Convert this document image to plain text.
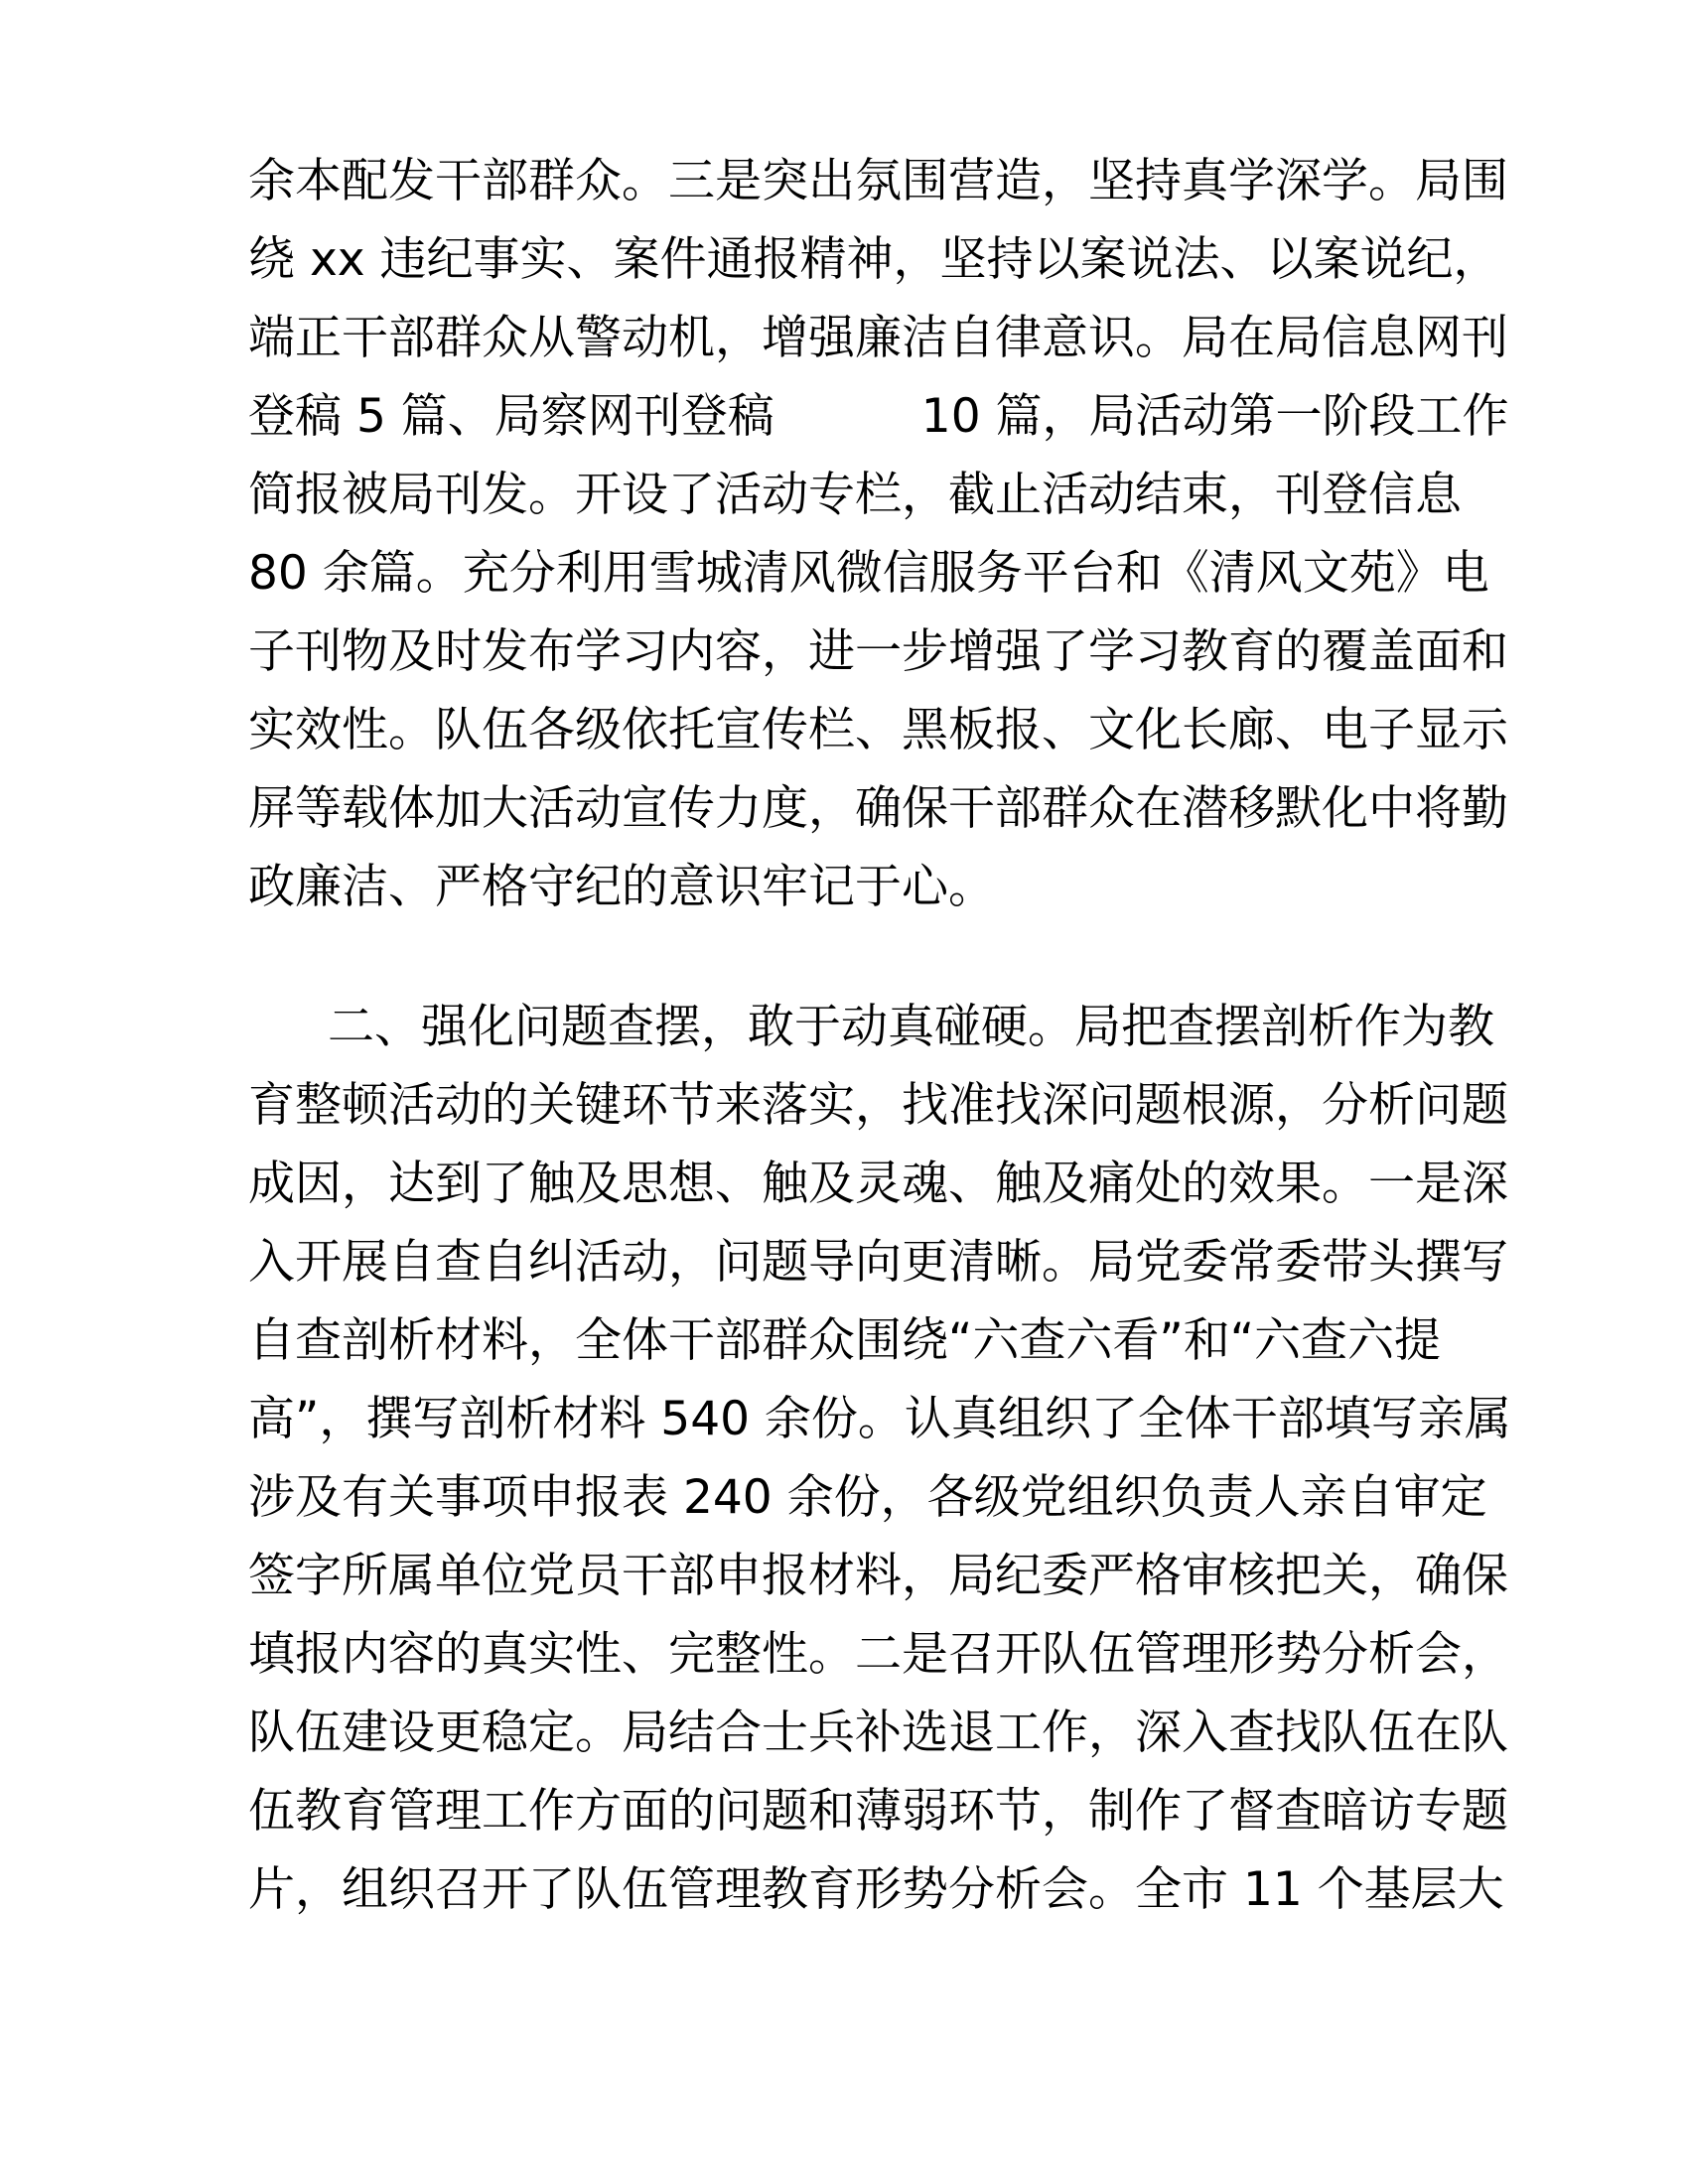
余本配发干部群众。三是突出氛围营造，坚持真学深学。局围
绕 xx 违纪事实、案件通报精神，坚持以案说法、以案说纪，
端正干部群众从警动机，增强廉洁自律意识。局在局信息网刊
登稿 5 篇、局察网刊登稿	10 篇，局活动第一阶段工作
简报被局刊发。开设了活动专栏，截止活动结束，刊登信息
80 余篇。充分利用雪城清风微信服务平台和《清风文苑》电
子刊物及时发布学习内容，进一步增强了学习教育的覆盖面和
实效性。队伍各级依托宣传栏、黑板报、文化长廊、电子显示
屏等载体加大活动宣传力度，确保干部群众在潜移默化中将勤
政廉洁、严格守纪的意识牢记于心。
二、强化问题查摆，敢于动真碰硬。局把查摆剖析作为教
育整顿活动的关键环节来落实，找准找深问题根源，分析问题
成因，达到了触及思想、触及灵魂、触及痛处的效果。一是深
入开展自查自纠活动，问题导向更清晰。局党委常委带头撰写
自查剖析材料，全体干部群众围绕“六查六看”和“六查六提
高”，撰写剖析材料 540 余份。认真组织了全体干部填写亲属
涉及有关事项申报表 240 余份，各级党组织负责人亲自审定
签字所属单位党员干部申报材料，局纪委严格审核把关，确保
填报内容的真实性、完整性。二是召开队伍管理形势分析会，
队伍建设更稳定。局结合士兵补选退工作，深入查找队伍在队
伍教育管理工作方面的问题和薄弱环节，制作了督查暗访专题
片，组织召开了队伍管理教育形势分析会。全市 11 个基层大
